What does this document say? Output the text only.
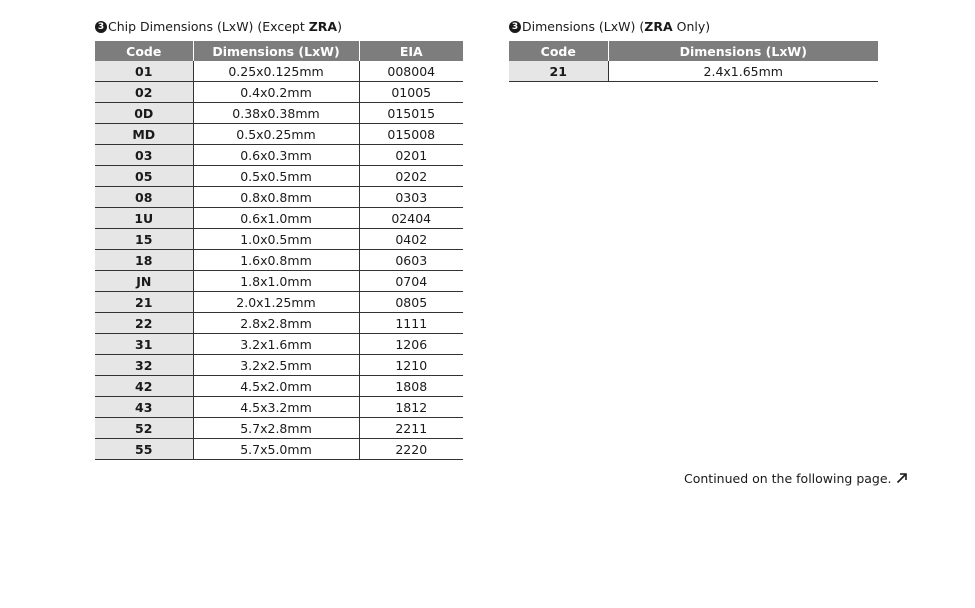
3 Chip Dimensions (LxW) (Except ZRA )
Code	Dimensions (LxW)	EIA
01	0.25x0.125mm	008004
02	0.4x0.2mm	01005
0D	0.38x0.38mm	015015
MD	0.5x0.25mm	015008
03	0.6x0.3mm	0201
05	0.5x0.5mm	0202
08	0.8x0.8mm	0303
1U	0.6x1.0mm	02404
15	1.0x0.5mm	0402
18	1.6x0.8mm	0603
JN	1.8x1.0mm	0704
21	2.0x1.25mm	0805
22	2.8x2.8mm	1111
31	3.2x1.6mm	1206
32	3.2x2.5mm	1210
42	4.5x2.0mm	1808
43	4.5x3.2mm	1812
52	5.7x2.8mm	2211
55	5.7x5.0mm	2220
3 Dimensions (LxW) ( ZRA Only)
Code	Dimensions (LxW)
21	2.4x1.65mm
Continued on the following page.
